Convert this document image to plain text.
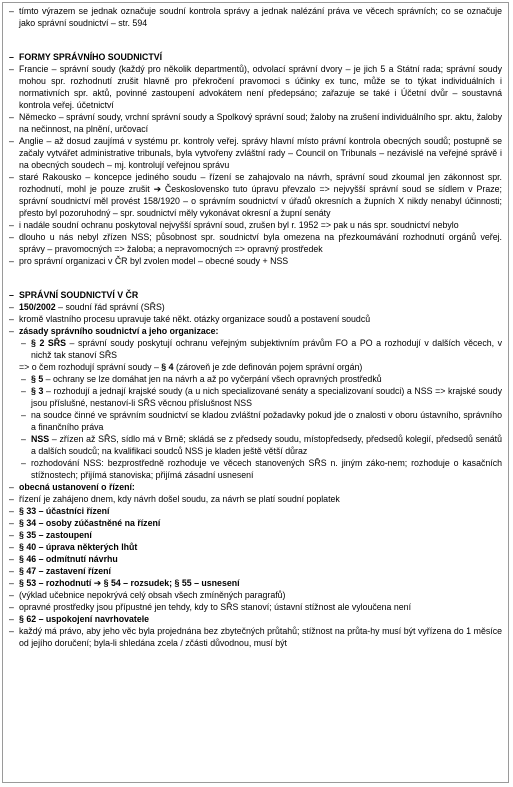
– tímto výrazem se jednak označuje soudní kontrola správy a jednak nalézání práva ve věcech správních; co se označuje jako správní soudnictví – str. 594

– FORMY SPRÁVNÍHO SOUDNICTVÍ

– Francie – správní soudy (každý pro několik departmentů), odvolací správní dvory – je jich 5 a Státní rada; správní soudy mohou spr. rozhodnutí zrušit hlavně pro překročení pravomoci s účinky ex tunc, může se to týkat individuálních i normativních spr. aktů, povinné zastoupení advokátem není předepsáno; zařazuje se také i Účetní dvůr – soustavná kontrola veřej. účetnictví

– Německo – správní soudy, vrchní správní soudy a Spolkový správní soud; žaloby na zrušení individuálního spr. aktu, žaloby na nečinnost, na plnění, určovací

– Anglie – až dosud zaujímá v systému pr. kontroly veřej. správy hlavní místo právní kontrola obecných soudů; postupně se začaly vytvářet administrative tribunals, byla vytvořeny zvláštní rady – Council on Tribunals – nezávislé na veřejné správě i na obecných soudech – mj. kontrolují veřejnou správu

– staré Rakousko – koncepce jediného soudu – řízení se zahajovalo na návrh, správní soud zkoumal jen zákonnost spr. rozhodnutí, mohl je pouze zrušit ➔ Československo tuto úpravu převzalo => nejvyšší správní soud se sídlem v Praze; správní soudnictví měl provést 158/1920 – o správním soudnictví v úřadů okresních a župních X nikdy nenabyl účinnosti; přesto byl pozoruhodný – spr. soudnictví měly vykonávat okresní a župní senáty

– i nadále soudní ochranu poskytoval nejvyšší správní soud, zrušen byl r. 1952 => pak u nás spr. soudnictví nebylo

– dlouho u nás nebyl zřízen NSS; působnost spr. soudnictví byla omezena na přezkoumávání rozhodnutí orgánů veřej. správy – pravomocných => žaloba; a nepravomocných => opravný prostředek

– pro správní organizaci v ČR byl zvolen model – obecné soudy + NSS

– SPRÁVNÍ SOUDNICTVÍ V ČR

– 150/2002 – soudní řád správní (SŘS)

– kromě vlastního procesu upravuje také někt. otázky organizace soudů a postavení soudců

– zásady správního soudnictví a jeho organizace:

– § 2 SŘS – správní soudy poskytují ochranu veřejným subjektivním právům FO a PO a rozhodují v dalších věcech, v nichž tak stanoví SŘS

=> o čem rozhodují správní soudy – § 4 (zároveň je zde definován pojem správní orgán)

– § 5 – ochrany se lze domáhat jen na návrh a až po vyčerpání všech opravných prostředků

– § 3 – rozhodují a jednají krajské soudy (a u nich specializované senáty a specializovaní soudci) a NSS => krajské soudy jsou příslušné, nestanoví-li SŘS věcnou příslušnost NSS

– na soudce činné ve správním soudnictví se kladou zvláštní požadavky pokud jde o znalosti v oboru ústavního, správního a finančního práva

– NSS – zřízen až SŘS, sídlo má v Brně; skládá se z předsedy soudu, místopředsedy, předsedů kolegií, předsedů senátů a dalších soudců; na kvalifikaci soudců NSS je kladen ještě větší důraz

– rozhodování NSS: bezprostředně rozhoduje ve věcech stanovených SŘS n. jiným záko-nem; rozhoduje o kasačních stížnostech; přijímá stanoviska; přijímá zásadní usnesení

– obecná ustanovení o řízení:

– řízení je zahájeno dnem, kdy návrh došel soudu, za návrh se platí soudní poplatek

– § 33 – účastníci řízení

– § 34 – osoby zúčastněné na řízení

– § 35 – zastoupení

– § 40 – úprava některých lhůt

– § 46 – odmítnutí návrhu

– § 47 – zastavení řízení

– § 53 – rozhodnutí ➔ § 54 – rozsudek; § 55 – usnesení

– (výklad učebnice nepokrývá celý obsah všech zmíněných paragrafů)

– opravné prostředky jsou přípustné jen tehdy, kdy to SŘS stanoví; ústavní stížnost ale vyloučena není

– § 62 – uspokojení navrhovatele

– každý má právo, aby jeho věc byla projednána bez zbytečných průtahů; stížnost na průta-hy musí být vyřízena do 1 měsíce od jejího doručení; byla-li shledána zcela / zčásti důvodnou, musí být
